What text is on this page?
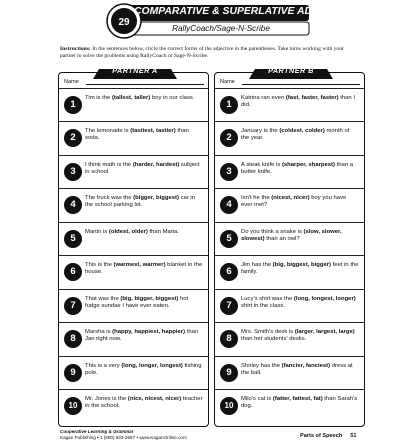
29
COMPARATIVE & SUPERLATIVE ADJECTIVES
RallyCoach/Sage-N-Scribe
Instructions: In the sentences below, circle the correct forms of the adjective in the parentheses. Take turns working with your partner to solve the problems using RallyCoach or Sage-N-Scribe.
Name
1
Tim is the (tallest, taller) boy in our class.
2
The lemonade is (tastiest, tastier) than soda.
3
I think math is the (harder, hardest) subject in school.
4
The truck was the (bigger, biggest) car in the school parking lot.
5
Martin is (oldest, older) than Maria.
6
This is the (warmest, warmer) blanket in the house.
7
That was the (big, bigger, biggest) hot fudge sundae I have ever eaten.
8
Marsha is (happy, happiest, happier) than Jan right now.
9
This is a very (long, longer, longest) fishing pole.
10
Mr. Jones is the (nice, nicest, nicer) teacher in the school.
Name
1
Katrina ran even (fast, faster, faster) than I did.
2
January is the (coldest, colder) month of the year.
3
A steak knife is (sharper, sharpest) than a butter knife.
4
Isn't he the (nicest, nicer) boy you have ever met?
5
Do you think a snake is (slow, slower, slowest) than an owl?
6
Jim has the (big, biggest, bigger) feet in the family.
7
Lucy's shirt was the (long, longest, longer) shirt in the class.
8
Mrs. Smith's desk is (larger, largest, large) than her students' desks.
9
Shirley has the (fancier, fanciest) dress at the ball.
10
Milo's cat is (fatter, fattest, fat) than Sarah's dog.
PARTNER A	PARTNER B
Cooperative Learning & Grammar
Kagan Publishing • 1 (800) 933-2667 • www.KaganOnline.com	Parts of Speech 51
